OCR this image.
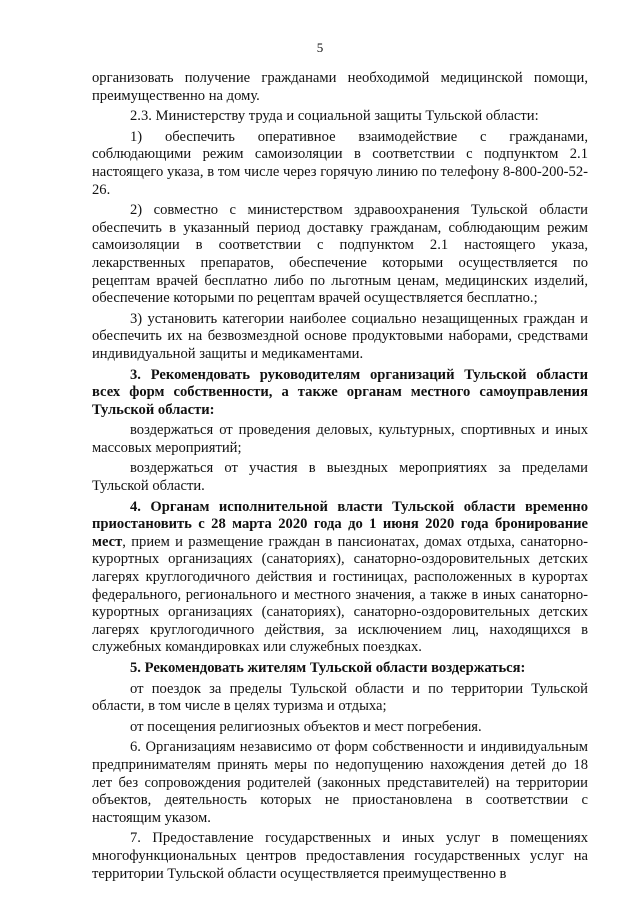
5

организовать получение гражданами необходимой медицинской помощи, преимущественно на дому.

2.3. Министерству труда и социальной защиты Тульской области:

1) обеспечить оперативное взаимодействие с гражданами, соблюдающими режим самоизоляции в соответствии с подпунктом 2.1 настоящего указа, в том числе через горячую линию по телефону 8-800-200-52-26.

2) совместно с министерством здравоохранения Тульской области обеспечить в указанный период доставку гражданам, соблюдающим режим самоизоляции в соответствии с подпунктом 2.1 настоящего указа, лекарственных препаратов, обеспечение которыми осуществляется по рецептам врачей бесплатно либо по льготным ценам, медицинских изделий, обеспечение которыми по рецептам врачей осуществляется бесплатно.;

3) установить категории наиболее социально незащищенных граждан и обеспечить их на безвозмездной основе продуктовыми наборами, средствами индивидуальной защиты и медикаментами.

3. Рекомендовать руководителям организаций Тульской области всех форм собственности, а также органам местного самоуправления Тульской области:

воздержаться от проведения деловых, культурных, спортивных и иных массовых мероприятий;

воздержаться от участия в выездных мероприятиях за пределами Тульской области.

4. Органам исполнительной власти Тульской области временно приостановить с 28 марта 2020 года до 1 июня 2020 года бронирование мест, прием и размещение граждан в пансионатах, домах отдыха, санаторно-курортных организациях (санаториях), санаторно-оздоровительных детских лагерях круглогодичного действия и гостиницах, расположенных в курортах федерального, регионального и местного значения, а также в иных санаторно-курортных организациях (санаториях), санаторно-оздоровительных детских лагерях круглогодичного действия, за исключением лиц, находящихся в служебных командировках или служебных поездках.

5. Рекомендовать жителям Тульской области воздержаться:

от поездок за пределы Тульской области и по территории Тульской области, в том числе в целях туризма и отдыха;

от посещения религиозных объектов и мест погребения.

6. Организациям независимо от форм собственности и индивидуальным предпринимателям принять меры по недопущению нахождения детей до 18 лет без сопровождения родителей (законных представителей) на территории объектов, деятельность которых не приостановлена в соответствии с настоящим указом.

7. Предоставление государственных и иных услуг в помещениях многофункциональных центров предоставления государственных услуг на территории Тульской области осуществляется преимущественно в
